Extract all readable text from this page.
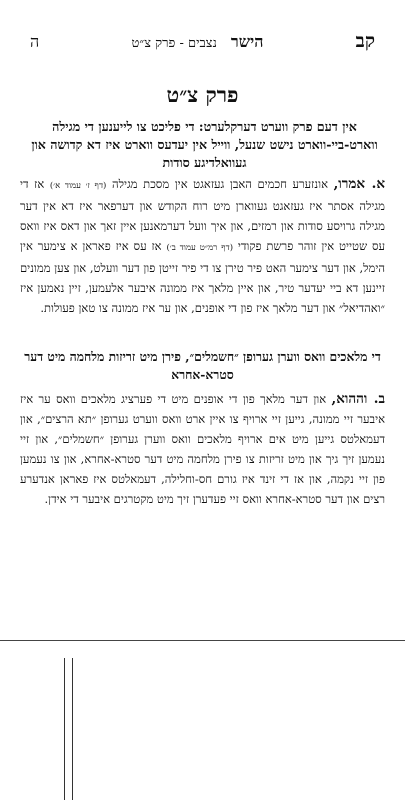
קב
הישר
נצבים - פרק צ״ט
ה
פרק צ״ט
אין דעם פרק ווערט דערקלערט: די פליכט צו לייענען די מגילה ווארט-ביי-ווארט נישט שנעל, ווייל אין יעדעס ווארט איז דא קדושה און געוואלדיגע סודות
א. אמרו, אונזערע חכמים האבן געזאגט אין מסכת מגילה (דף ז׳ עמוד א׳) אז די מגילה אסתר איז געזאגט געווארן מיט רוח הקודש און דערפאר איז דא אין דער מגילה גרויסע סודות און רמזים, און איך וועל דערמאנען איין זאך און דאס איז וואס עס שטייט אין זוהר פרשת פקודי (דף רמ״ט עמוד ב׳) אז עס איז פאראן א צימער אין הימל, און דער צימער האט פיר טירן צו די פיר זייטן פון דער וועלט, און צען ממונים זיינען דא ביי יעדער טיר, און איין מלאך איז ממונה איבער אלעמען, זיין נאמען איז ״ואהדיאל״ און דער מלאך איז פון די אופנים, און ער איז ממונה צו טאן פעולות.
די מלאכים וואס ווערן גערופן ״חשמלים״, פירן מיט זריזות מלחמה מיט דער סטרא-אחרא
ב. וההוא, און דער מלאך פון די אופנים מיט די פערציג מלאכים וואס ער איז איבער זיי ממונה, גייען זיי ארויף צו איין ארט וואס ווערט גערופן ״תא הרצים״, און דעמאלטס גייען מיט אים ארויף מלאכים וואס ווערן גערופן ״חשמלים״, און זיי נעמען זיך גיך און מיט זריזות צו פירן מלחמה מיט דער סטרא-אחרא, און צו נעמען פון זיי נקמה, און אז די זינד איז גורם חס-וחלילה, דעמאלטס איז פאראן אנדערע רצים און דער סטרא-אחרא וואס זיי פעדערן זיך מיט מקטרגים איבער די אידן.
